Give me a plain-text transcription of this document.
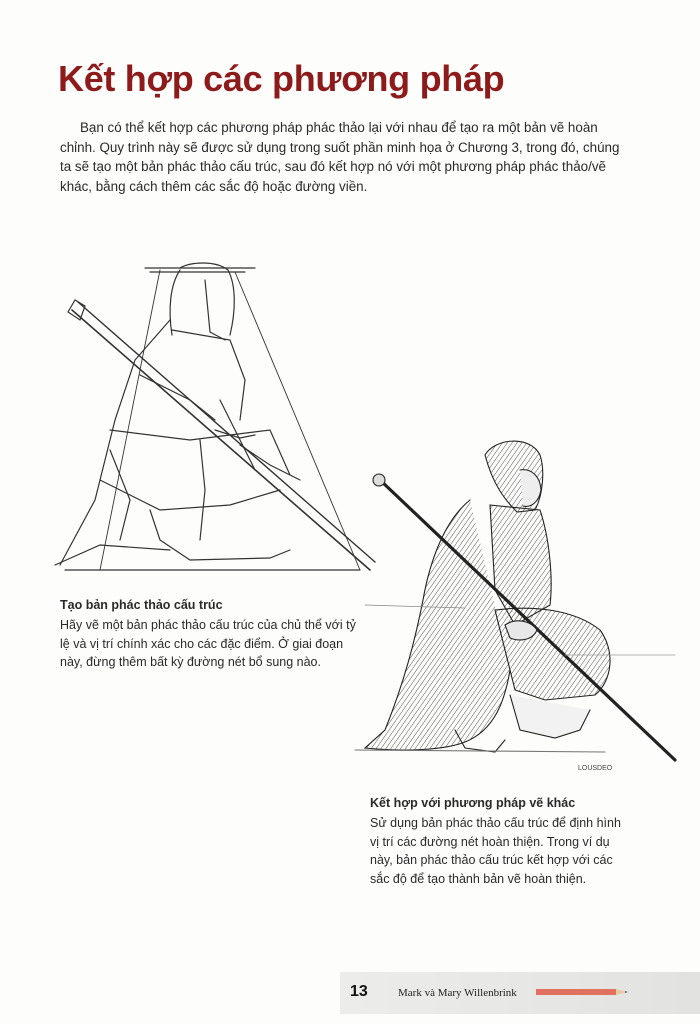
Kết hợp các phương pháp

Bạn có thể kết hợp các phương pháp phác thảo lại với nhau để tạo ra một bản vẽ hoàn chỉnh. Quy trình này sẽ được sử dụng trong suốt phần minh họa ở Chương 3, trong đó, chúng ta sẽ tạo một bản phác thảo cấu trúc, sau đó kết hợp nó với một phương pháp phác thảo/vẽ khác, bằng cách thêm các sắc độ hoặc đường viền.

LOUSDEO

Tạo bản phác thảo cấu trúc

Hãy vẽ một bản phác thảo cấu trúc của chủ thể với tỷ lệ và vị trí chính xác cho các đặc điểm. Ở giai đoạn này, đừng thêm bất kỳ đường nét bổ sung nào.

Kết hợp với phương pháp vẽ khác

Sử dụng bản phác thảo cấu trúc để định hình vị trí các đường nét hoàn thiện. Trong ví dụ này, bản phác thảo cấu trúc kết hợp với các sắc độ để tạo thành bản vẽ hoàn thiện.

13	Mark và Mary Willenbrink
